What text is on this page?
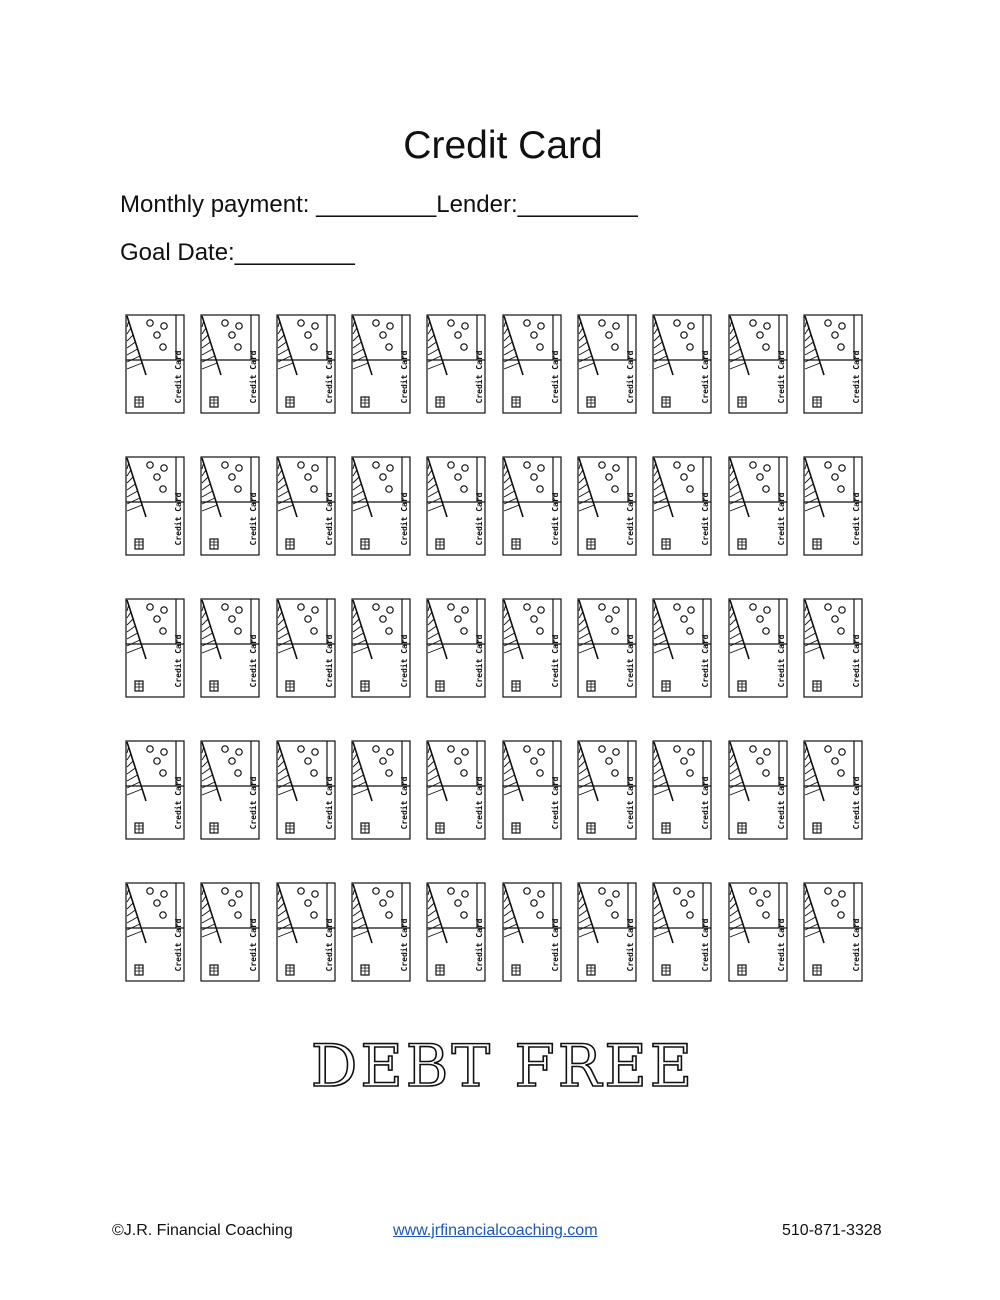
Credit Card
Monthly payment: _________Lender:_________
Goal Date:_________
Credit Card	Credit Card	Credit Card	Credit Card	Credit Card	Credit Card	Credit Card	Credit Card	Credit Card	Credit Card
Credit Card	Credit Card	Credit Card	Credit Card	Credit Card	Credit Card	Credit Card	Credit Card	Credit Card	Credit Card
Credit Card	Credit Card	Credit Card	Credit Card	Credit Card	Credit Card	Credit Card	Credit Card	Credit Card	Credit Card
Credit Card	Credit Card	Credit Card	Credit Card	Credit Card	Credit Card	Credit Card	Credit Card	Credit Card	Credit Card
Credit Card	Credit Card	Credit Card	Credit Card	Credit Card	Credit Card	Credit Card	Credit Card	Credit Card	Credit Card
DEBT FREE
©J.R. Financial Coaching	www.jrfinancialcoaching.com	510-871-3328
